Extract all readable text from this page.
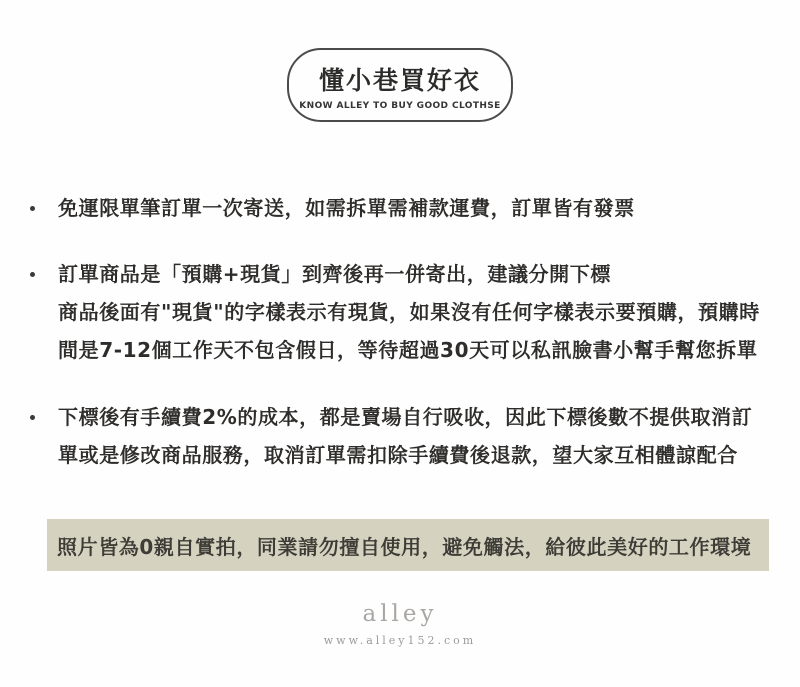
懂小巷買好衣
KNOW ALLEY TO BUY GOOD CLOTHSE
免運限單筆訂單一次寄送，如需拆單需補款運費，訂單皆有發票
訂單商品是「預購+現貨」到齊後再一併寄出，建議分開下標
商品後面有"現貨"的字樣表示有現貨，如果沒有任何字樣表示要預購，預購時
間是7-12個工作天不包含假日，等待超過30天可以私訊臉書小幫手幫您拆單
下標後有手續費2%的成本，都是賣場自行吸收，因此下標後數不提供取消訂
單或是修改商品服務，取消訂單需扣除手續費後退款，望大家互相體諒配合
照片皆為0親自實拍，同業請勿擅自使用，避免觸法，給彼此美好的工作環境
alley
www.alley152.com
